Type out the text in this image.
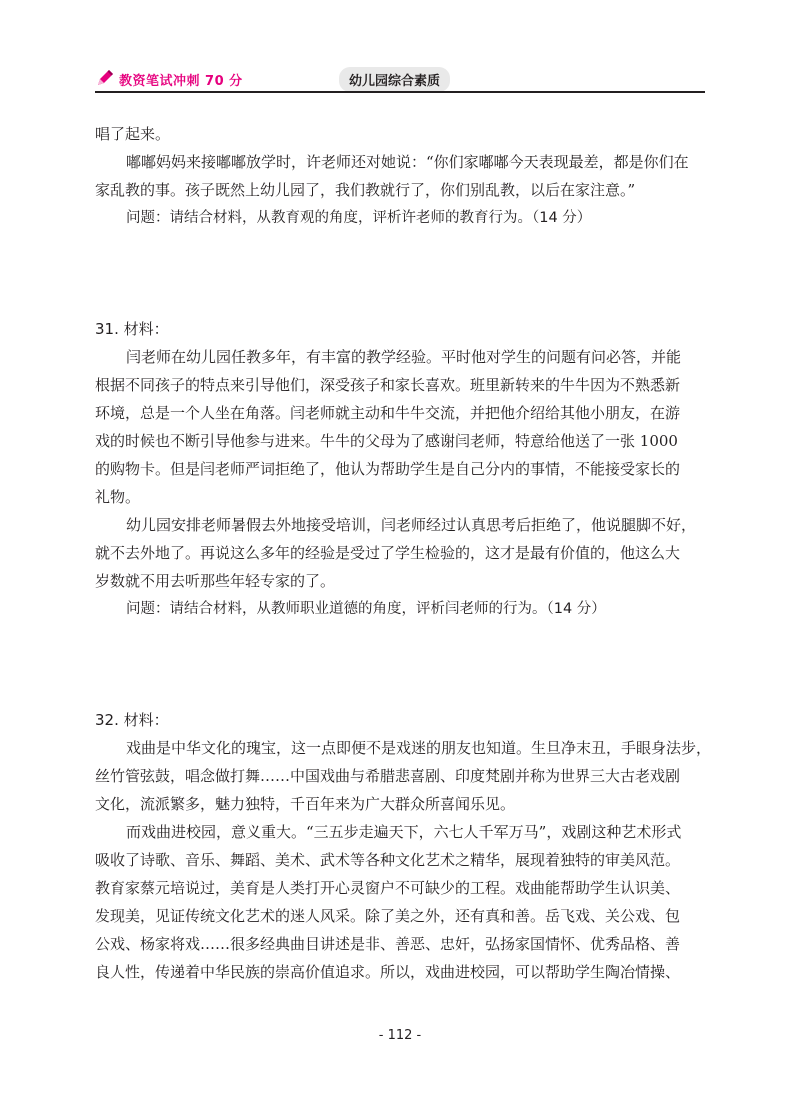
教资笔试冲刺 70 分	幼儿园综合素质
唱了起来。
嘟嘟妈妈来接嘟嘟放学时，许老师还对她说：“你们家嘟嘟今天表现最差，都是你们在
家乱教的事。孩子既然上幼儿园了，我们教就行了，你们别乱教，以后在家注意。”
问题：请结合材料，从教育观的角度，评析许老师的教育行为。（14 分）
31. 材料：
闫老师在幼儿园任教多年，有丰富的教学经验。平时他对学生的问题有问必答，并能
根据不同孩子的特点来引导他们，深受孩子和家长喜欢。班里新转来的牛牛因为不熟悉新
环境，总是一个人坐在角落。闫老师就主动和牛牛交流，并把他介绍给其他小朋友，在游
戏的时候也不断引导他参与进来。牛牛的父母为了感谢闫老师，特意给他送了一张 1000
的购物卡。但是闫老师严词拒绝了，他认为帮助学生是自己分内的事情，不能接受家长的
礼物。
幼儿园安排老师暑假去外地接受培训，闫老师经过认真思考后拒绝了，他说腿脚不好，
就不去外地了。再说这么多年的经验是受过了学生检验的，这才是最有价值的，他这么大
岁数就不用去听那些年轻专家的了。
问题：请结合材料，从教师职业道德的角度，评析闫老师的行为。（14 分）
32. 材料：
戏曲是中华文化的瑰宝，这一点即便不是戏迷的朋友也知道。生旦净末丑，手眼身法步，
丝竹管弦鼓，唱念做打舞……中国戏曲与希腊悲喜剧、印度梵剧并称为世界三大古老戏剧
文化，流派繁多，魅力独特，千百年来为广大群众所喜闻乐见。
而戏曲进校园，意义重大。“三五步走遍天下，六七人千军万马”，戏剧这种艺术形式
吸收了诗歌、音乐、舞蹈、美术、武术等各种文化艺术之精华，展现着独特的审美风范。
教育家蔡元培说过，美育是人类打开心灵窗户不可缺少的工程。戏曲能帮助学生认识美、
发现美，见证传统文化艺术的迷人风采。除了美之外，还有真和善。岳飞戏、关公戏、包
公戏、杨家将戏……很多经典曲目讲述是非、善恶、忠奸，弘扬家国情怀、优秀品格、善
良人性，传递着中华民族的崇高价值追求。所以，戏曲进校园，可以帮助学生陶冶情操、
- 112 -
